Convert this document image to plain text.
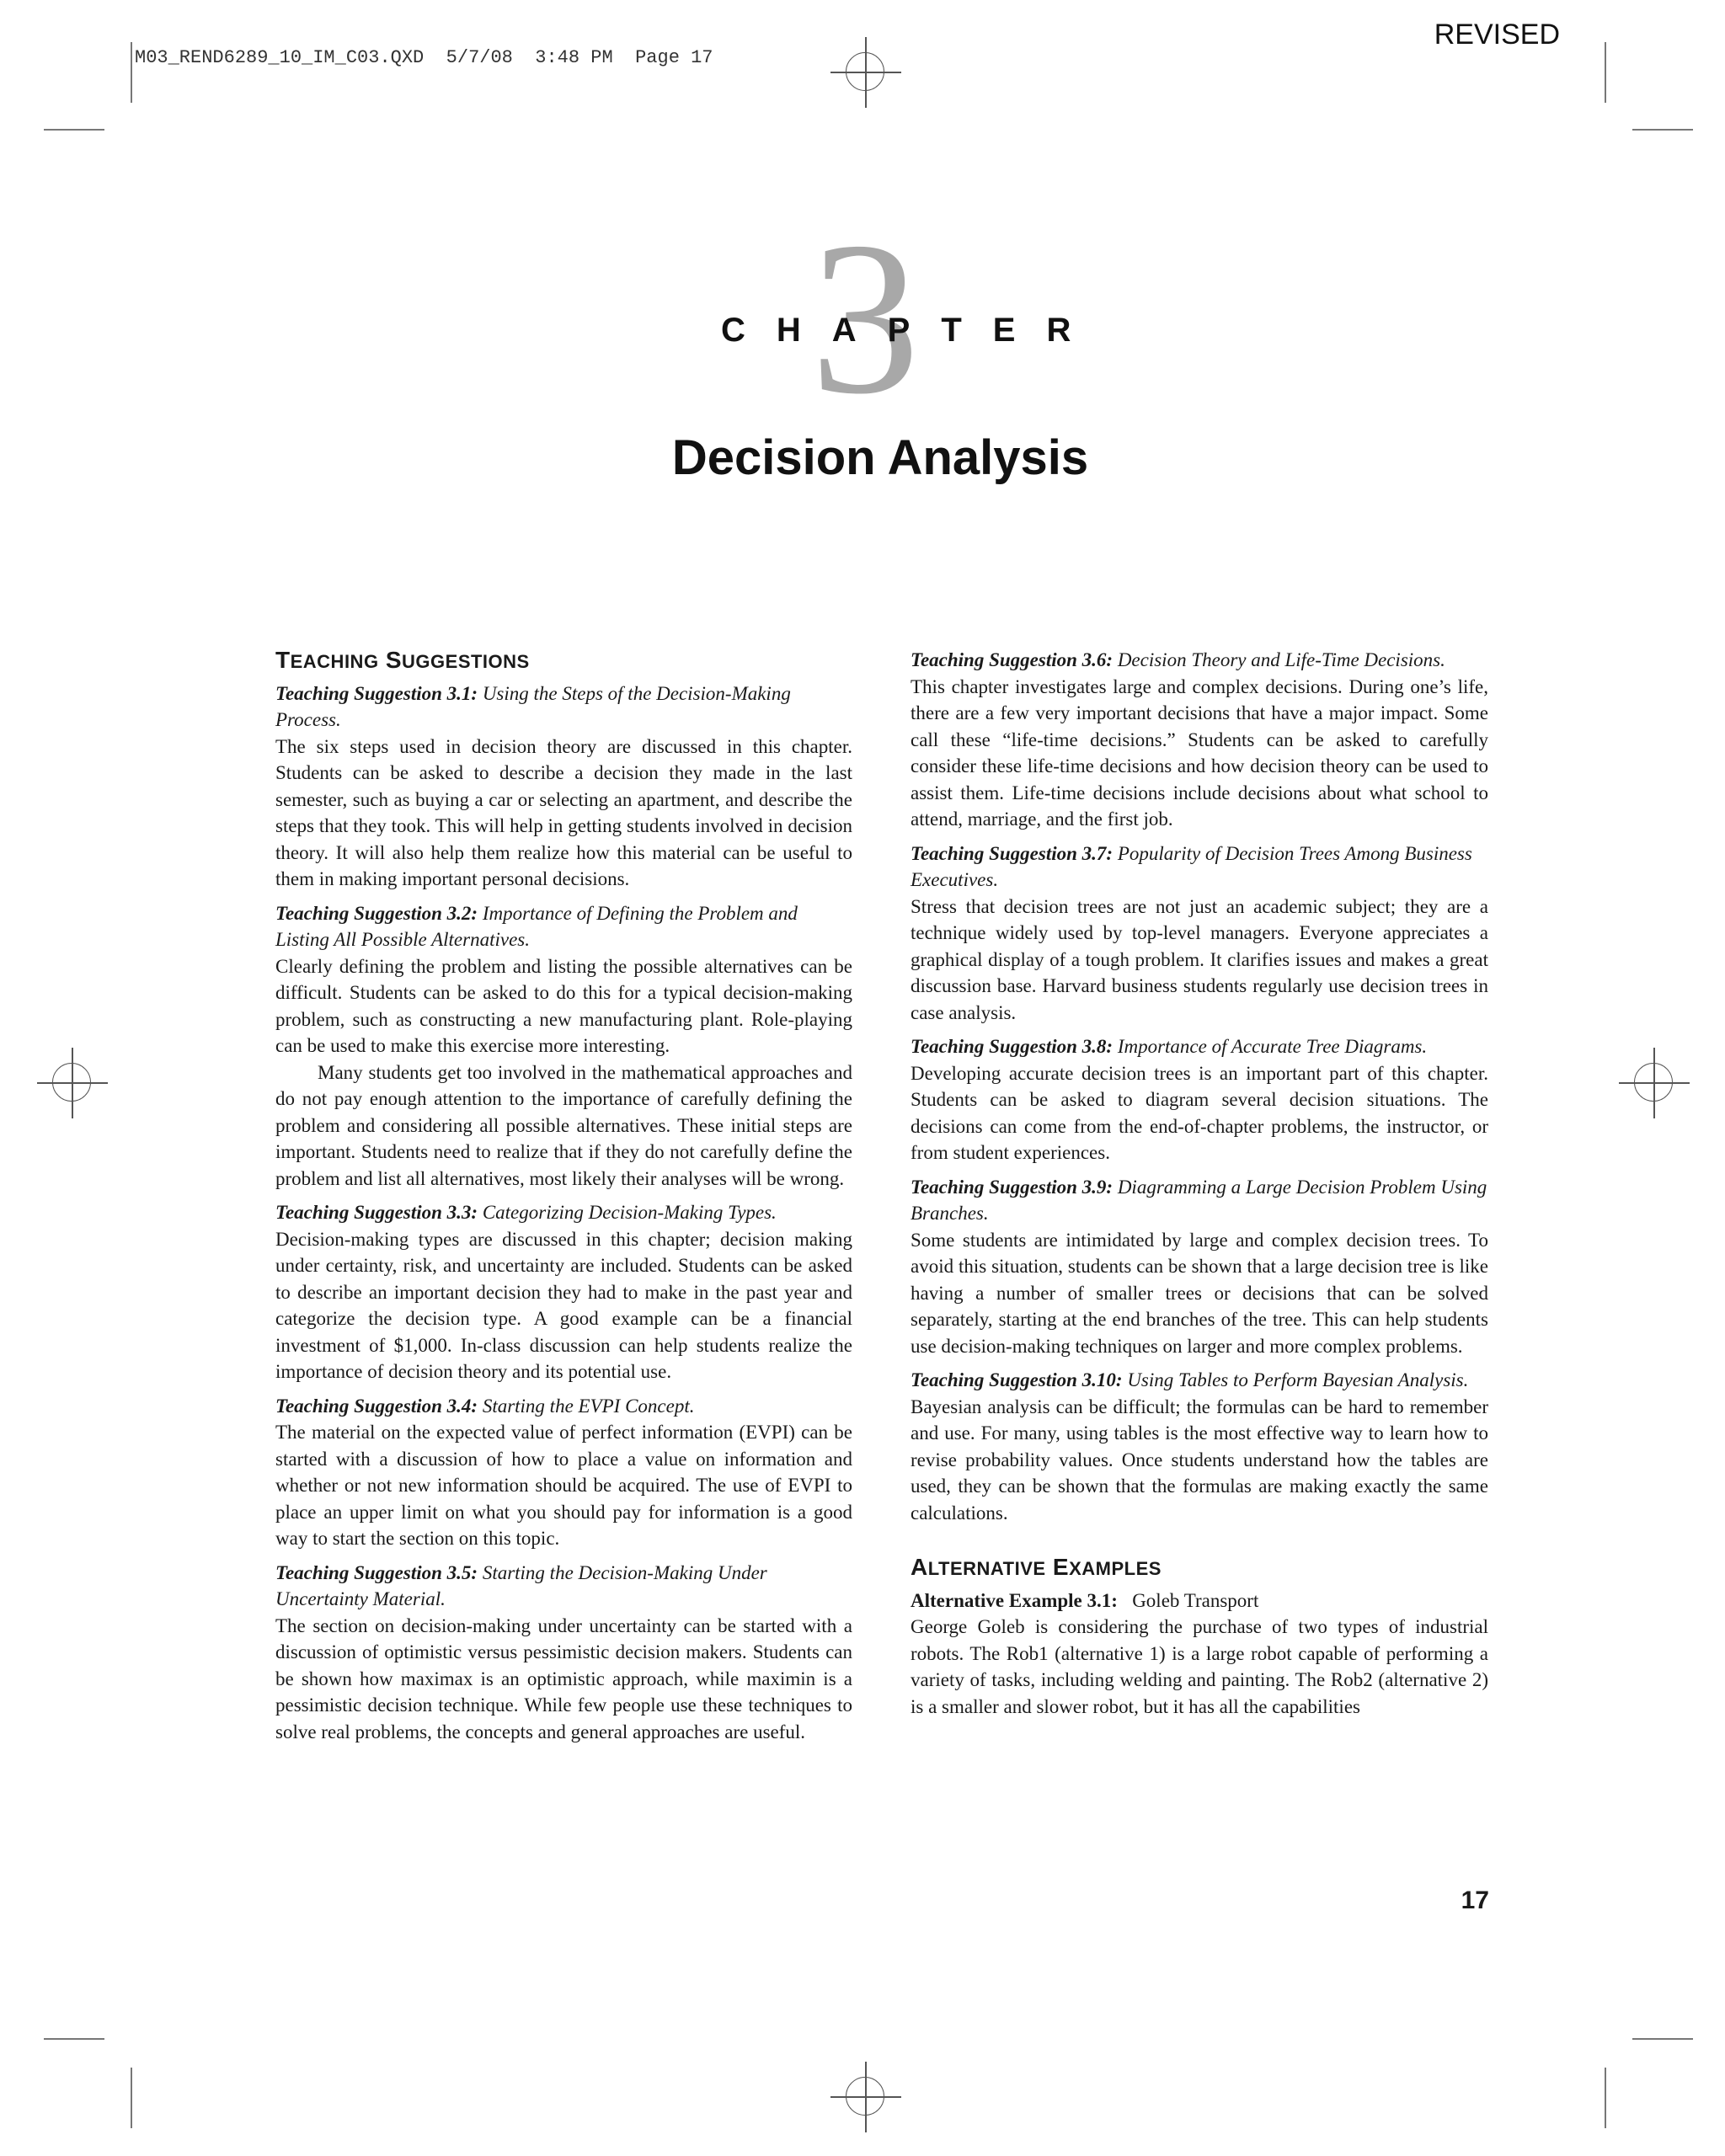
M03_REND6289_10_IM_C03.QXD  5/7/08  3:48 PM  Page 17
REVISED
3
CHAPTER
Decision Analysis
TEACHING SUGGESTIONS

Teaching Suggestion 3.1: Using the Steps of the Decision-Making Process.

The six steps used in decision theory are discussed in this chapter. Students can be asked to describe a decision they made in the last semester, such as buying a car or selecting an apartment, and describe the steps that they took. This will help in getting students involved in decision theory. It will also help them realize how this material can be useful to them in making important personal decisions.

Teaching Suggestion 3.2: Importance of Defining the Problem and Listing All Possible Alternatives.

Clearly defining the problem and listing the possible alternatives can be difficult. Students can be asked to do this for a typical decision-making problem, such as constructing a new manufacturing plant. Role-playing can be used to make this exercise more interesting.

Many students get too involved in the mathematical approaches and do not pay enough attention to the importance of carefully defining the problem and considering all possible alternatives. These initial steps are important. Students need to realize that if they do not carefully define the problem and list all alternatives, most likely their analyses will be wrong.

Teaching Suggestion 3.3: Categorizing Decision-Making Types.

Decision-making types are discussed in this chapter; decision making under certainty, risk, and uncertainty are included. Students can be asked to describe an important decision they had to make in the past year and categorize the decision type. A good example can be a financial investment of $1,000. In-class discussion can help students realize the importance of decision theory and its potential use.

Teaching Suggestion 3.4: Starting the EVPI Concept.

The material on the expected value of perfect information (EVPI) can be started with a discussion of how to place a value on information and whether or not new information should be acquired. The use of EVPI to place an upper limit on what you should pay for information is a good way to start the section on this topic.

Teaching Suggestion 3.5: Starting the Decision-Making Under Uncertainty Material.

The section on decision-making under uncertainty can be started with a discussion of optimistic versus pessimistic decision makers. Students can be shown how maximax is an optimistic approach, while maximin is a pessimistic decision technique. While few people use these techniques to solve real problems, the concepts and general approaches are useful.

Teaching Suggestion 3.6: Decision Theory and Life-Time Decisions.

This chapter investigates large and complex decisions. During one’s life, there are a few very important decisions that have a major impact. Some call these “life-time decisions.” Students can be asked to carefully consider these life-time decisions and how decision theory can be used to assist them. Life-time decisions include decisions about what school to attend, marriage, and the first job.

Teaching Suggestion 3.7: Popularity of Decision Trees Among Business Executives.

Stress that decision trees are not just an academic subject; they are a technique widely used by top-level managers. Everyone appreciates a graphical display of a tough problem. It clarifies issues and makes a great discussion base. Harvard business students regularly use decision trees in case analysis.

Teaching Suggestion 3.8: Importance of Accurate Tree Diagrams.

Developing accurate decision trees is an important part of this chapter. Students can be asked to diagram several decision situations. The decisions can come from the end-of-chapter problems, the instructor, or from student experiences.

Teaching Suggestion 3.9: Diagramming a Large Decision Problem Using Branches.

Some students are intimidated by large and complex decision trees. To avoid this situation, students can be shown that a large decision tree is like having a number of smaller trees or decisions that can be solved separately, starting at the end branches of the tree. This can help students use decision-making techniques on larger and more complex problems.

Teaching Suggestion 3.10: Using Tables to Perform Bayesian Analysis.

Bayesian analysis can be difficult; the formulas can be hard to remember and use. For many, using tables is the most effective way to learn how to revise probability values. Once students understand how the tables are used, they can be shown that the formulas are making exactly the same calculations.

ALTERNATIVE EXAMPLES

Alternative Example 3.1: Goleb Transport

George Goleb is considering the purchase of two types of industrial robots. The Rob1 (alternative 1) is a large robot capable of performing a variety of tasks, including welding and painting. The Rob2 (alternative 2) is a smaller and slower robot, but it has all the capabilities

17
